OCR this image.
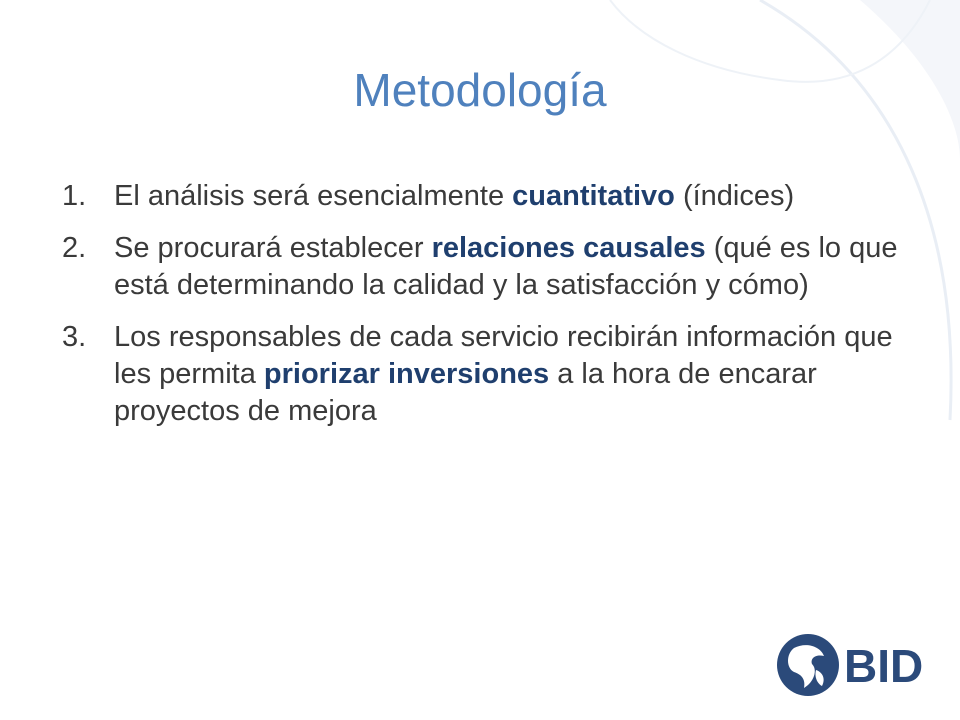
Metodología
1. El análisis será esencialmente cuantitativo (índices)
2. Se procurará establecer relaciones causales (qué es lo que está determinando la calidad y la satisfacción y cómo)
3. Los responsables de cada servicio recibirán información que les permita priorizar inversiones a la hora de encarar proyectos de mejora
BID
